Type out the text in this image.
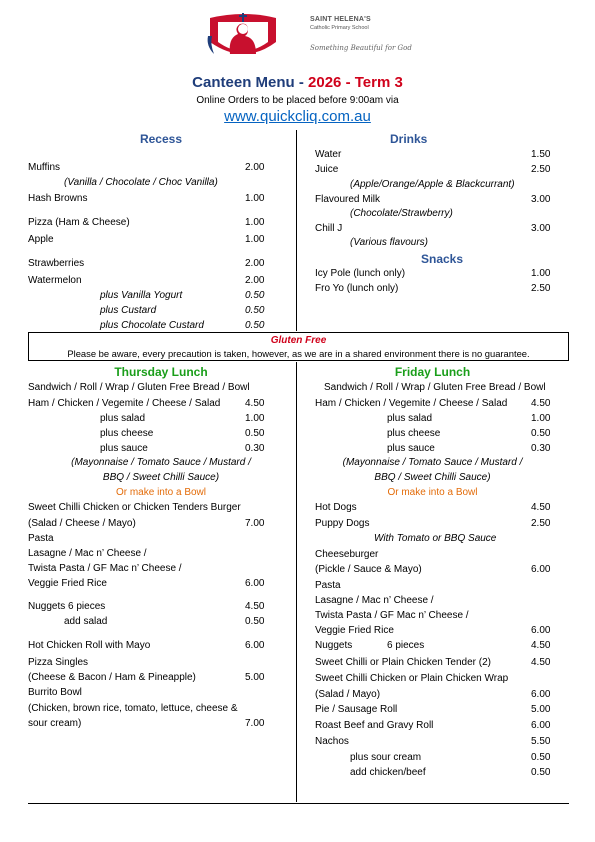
SAINT HELENA'S
Catholic Primary School
Something Beautiful for God
Canteen Menu - 2026 - Term 3
Online Orders to be placed before 9:00am via
www.quickcliq.com.au
Recess
Muffins	2.00
(Vanilla / Chocolate / Choc Vanilla)
Hash Browns	1.00
Pizza (Ham & Cheese)	1.00
Apple	1.00
Strawberries	2.00
Watermelon	2.00
plus Vanilla Yogurt	0.50
plus Custard	0.50
plus Chocolate Custard	0.50
Drinks
Water	1.50
Juice	2.50
(Apple/Orange/Apple & Blackcurrant)
Flavoured Milk	3.00
(Chocolate/Strawberry)
Chill J	3.00
(Various flavours)
Snacks
Icy Pole (lunch only)	1.00
Fro Yo (lunch only)	2.50
Gluten Free
Please be aware, every precaution is taken, however, as we are in a shared environment there is no guarantee.
Thursday Lunch
Sandwich / Roll / Wrap / Gluten Free Bread / Bowl
Ham / Chicken / Vegemite / Cheese / Salad 4.50
plus salad	1.00
plus cheese	0.50
plus sauce	0.30
(Mayonnaise / Tomato Sauce / Mustard /
BBQ / Sweet Chilli Sauce)
Or make into a Bowl
Sweet Chilli Chicken or Chicken Tenders Burger
(Salad / Cheese / Mayo)	7.00
Pasta
Lasagne / Mac n’ Cheese /
Twista Pasta / GF Mac n’ Cheese /
Veggie Fried Rice	6.00
Nuggets 6 pieces	4.50
add salad	0.50
Hot Chicken Roll with Mayo	6.00
Pizza Singles
(Cheese & Bacon / Ham & Pineapple)	5.00
Burrito Bowl
(Chicken, brown rice, tomato, lettuce, cheese &
sour cream)	7.00
Friday Lunch
Sandwich / Roll / Wrap / Gluten Free Bread / Bowl
Ham / Chicken / Vegemite / Cheese / Salad 4.50
plus salad	1.00
plus cheese	0.50
plus sauce	0.30
(Mayonnaise / Tomato Sauce / Mustard /
BBQ / Sweet Chilli Sauce)
Or make into a Bowl
Hot Dogs	4.50
Puppy Dogs	2.50
With Tomato or BBQ Sauce
Cheeseburger
(Pickle / Sauce & Mayo)	6.00
Pasta
Lasagne / Mac n’ Cheese /
Twista Pasta / GF Mac n’ Cheese /
Veggie Fried Rice	6.00
Nuggets	6 pieces	4.50
Sweet Chilli or Plain Chicken Tender (2)	4.50
Sweet Chilli Chicken or Plain Chicken Wrap
(Salad / Mayo)	6.00
Pie / Sausage Roll	5.00
Roast Beef and Gravy Roll	6.00
Nachos	5.50
plus sour cream	0.50
add chicken/beef	0.50
